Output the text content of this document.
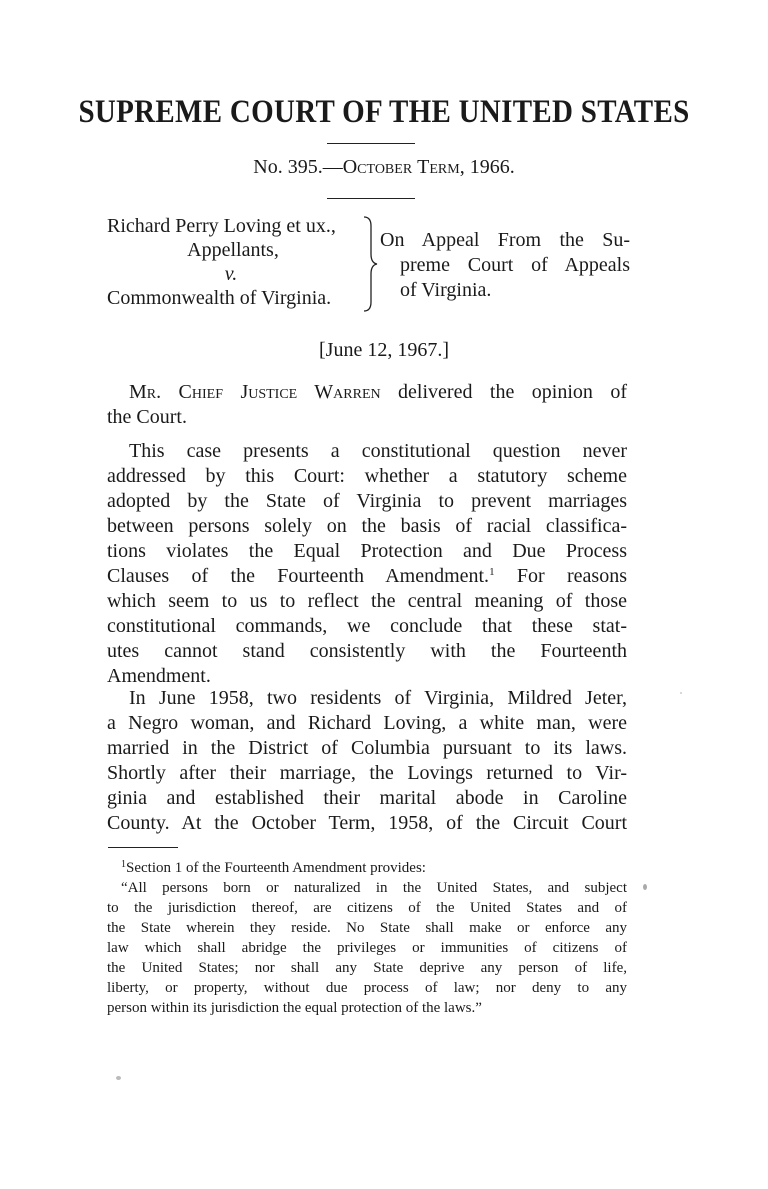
SUPREME COURT OF THE UNITED STATES
No. 395.—October Term, 1966.
Richard Perry Loving et ux.,
Appellants,
v.
Commonwealth of Virginia.
On Appeal From the Su-
preme Court of Appeals
of Virginia.
[June 12, 1967.]
Mr. Chief Justice Warren delivered the opinion of
the Court.
This case presents a constitutional question never
addressed by this Court: whether a statutory scheme
adopted by the State of Virginia to prevent marriages
between persons solely on the basis of racial classifica-
tions violates the Equal Protection and Due Process
Clauses of the Fourteenth Amendment.$^1$ For reasons
which seem to us to reflect the central meaning of those
constitutional commands, we conclude that these stat-
utes cannot stand consistently with the Fourteenth
Amendment.
In June 1958, two residents of Virginia, Mildred Jeter,
a Negro woman, and Richard Loving, a white man, were
married in the District of Columbia pursuant to its laws.
Shortly after their marriage, the Lovings returned to Vir-
ginia and established their marital abode in Caroline
County. At the October Term, 1958, of the Circuit Court
$^1$Section 1 of the Fourteenth Amendment provides:
“All persons born or naturalized in the United States, and subject
to the jurisdiction thereof, are citizens of the United States and of
the State wherein they reside. No State shall make or enforce any
law which shall abridge the privileges or immunities of citizens of
the United States; nor shall any State deprive any person of life,
liberty, or property, without due process of law; nor deny to any
person within its jurisdiction the equal protection of the laws.”
